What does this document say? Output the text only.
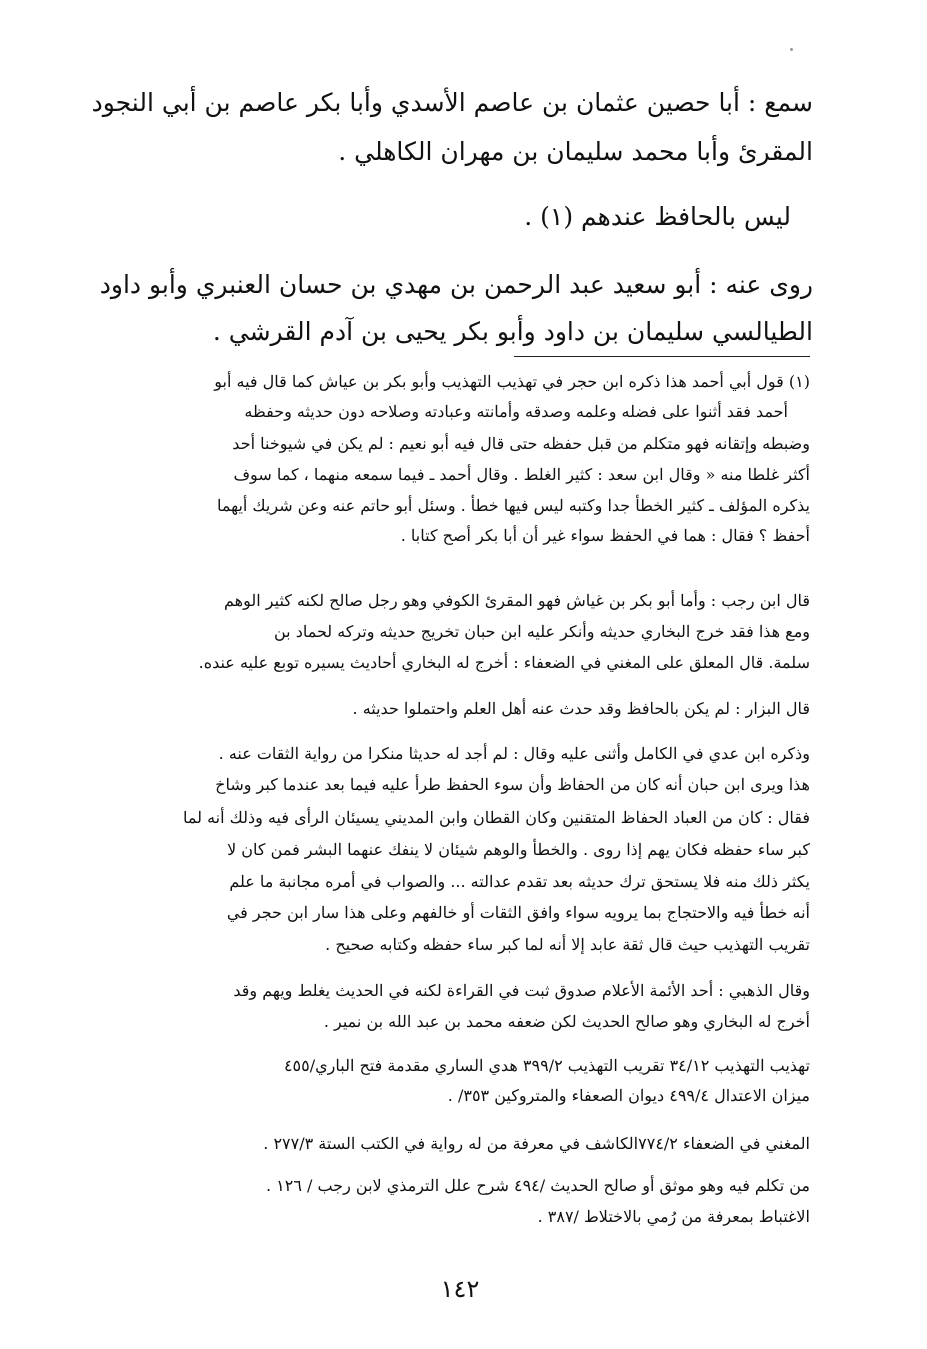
سمع : أبا حصين عثمان بن عاصم الأسدي وأبا بكر عاصم بن أبي النجود
المقرئ وأبا محمد سليمان بن مهران الكاهلي .
ليس بالحافظ عندهم (١) .
روى عنه : أبو سعيد عبد الرحمن بن مهدي بن حسان العنبري وأبو داود
الطيالسي سليمان بن داود وأبو بكر يحيى بن آدم القرشي .
(١) قول أبي أحمد هذا ذكره ابن حجر في تهذيب التهذيب وأبو بكر بن عياش كما قال فيه أبو
أحمد فقد أثنوا على فضله وعلمه وصدقه وأمانته وعبادته وصلاحه دون حديثه وحفظه
وضبطه وإتقانه فهو متكلم من قبل حفظه حتى قال فيه أبو نعيم : لم يكن في شيوخنا أحد
أكثر غلطا منه « وقال ابن سعد : كثير الغلط . وقال أحمد ـ فيما سمعه منهما ، كما سوف
يذكره المؤلف ـ كثير الخطأ جدا وكتبه ليس فيها خطأ . وسئل أبو حاتم عنه وعن شريك أيهما
أحفظ ؟ فقال : هما في الحفظ سواء غير أن أبا بكر أصح كتابا .
قال ابن رجب : وأما أبو بكر بن غياش فهو المقرئ الكوفي وهو رجل صالح لكنه كثير الوهم
ومع هذا فقد خرج البخاري حديثه وأنكر عليه ابن حبان تخريج حديثه وتركه لحماد بن
سلمة. قال المعلق على المغني في الضعفاء : أخرج له البخاري أحاديث يسيره توبع عليه عنده.
قال البزار : لم يكن بالحافظ وقد حدث عنه أهل العلم واحتملوا حديثه .
وذكره ابن عدي في الكامل وأثنى عليه وقال : لم أجد له حديثا منكرا من رواية الثقات عنه .
هذا ويرى ابن حبان أنه كان من الحفاظ وأن سوء الحفظ طرأ عليه فيما بعد عندما كبر وشاخ
فقال : كان من العباد الحفاظ المتقنين وكان القطان وابن المديني يسيئان الرأى فيه وذلك أنه لما
كبر ساء حفظه فكان يهم إذا روى . والخطأ والوهم شيئان لا ينفك عنهما البشر فمن كان لا
يكثر ذلك منه فلا يستحق ترك حديثه بعد تقدم عدالته ... والصواب في أمره مجانبة ما علم
أنه خطأ فيه والاحتجاج بما يرويه سواء وافق الثقات أو خالفهم وعلى هذا سار ابن حجر في
تقريب التهذيب حيث قال ثقة عابد إلا أنه لما كبر ساء حفظه وكتابه صحيح .
وقال الذهبي : أحد الأئمة الأعلام صدوق ثبت في القراءة لكنه في الحديث يغلط ويهم وقد
أخرج له البخاري وهو صالح الحديث لكن ضعفه محمد بن عبد الله بن نمير .
تهذيب التهذيب ٣٤/١٢ تقريب التهذيب ٣٩٩/٢ هدي الساري مقدمة فتح الباري/٤٥٥
ميزان الاعتدال ٤٩٩/٤ ديوان الصعفاء والمتروكين ٣٥٣/ .
المغني في الضعفاء ٧٧٤/٢الكاشف في معرفة من له رواية في الكتب الستة ٢٧٧/٣ .
من تكلم فيه وهو موثق أو صالح الحديث /٤٩٤ شرح علل الترمذي لابن رجب / ١٢٦ .
الاغتباط بمعرفة من رُمي بالاختلاط /٣٨٧ .
١٤٢
